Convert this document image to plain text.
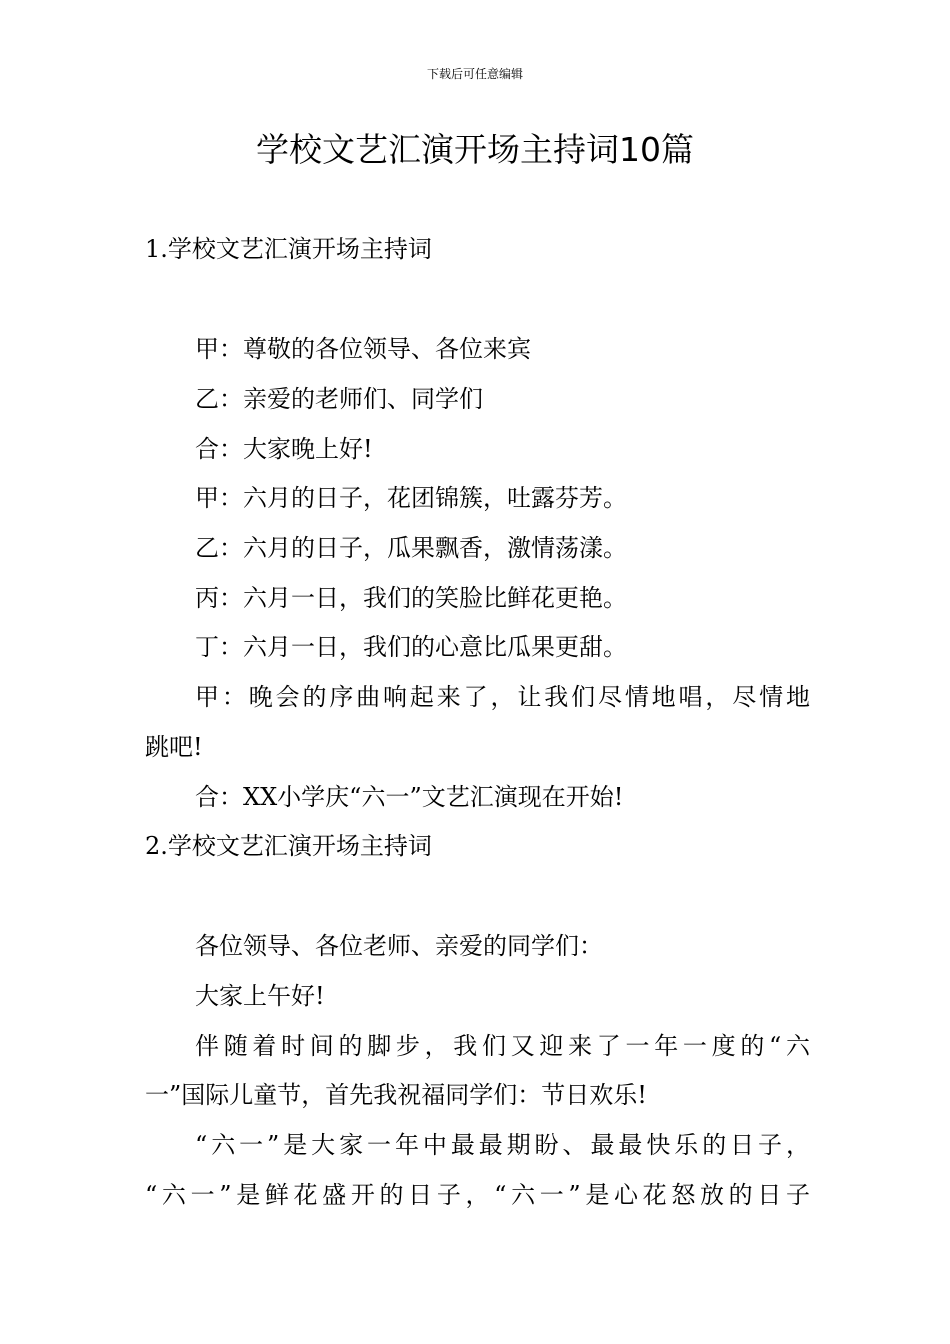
下载后可任意编辑
学校文艺汇演开场主持词10篇
1.学校文艺汇演开场主持词
甲：尊敬的各位领导、各位来宾
乙：亲爱的老师们、同学们
合：大家晚上好!
甲：六月的日子，花团锦簇，吐露芬芳。
乙：六月的日子，瓜果飘香，激情荡漾。
丙：六月一日，我们的笑脸比鲜花更艳。
丁：六月一日，我们的心意比瓜果更甜。
甲：晚会的序曲响起来了，让我们尽情地唱，尽情地
跳吧!
合：XX小学庆“六一”文艺汇演现在开始!
2.学校文艺汇演开场主持词
各位领导、各位老师、亲爱的同学们：
大家上午好!
伴随着时间的脚步，我们又迎来了一年一度的“六
一”国际儿童节，首先我祝福同学们：节日欢乐!
“六一”是大家一年中最最期盼、最最快乐的日子，
“六一”是鲜花盛开的日子，“六一”是心花怒放的日子
